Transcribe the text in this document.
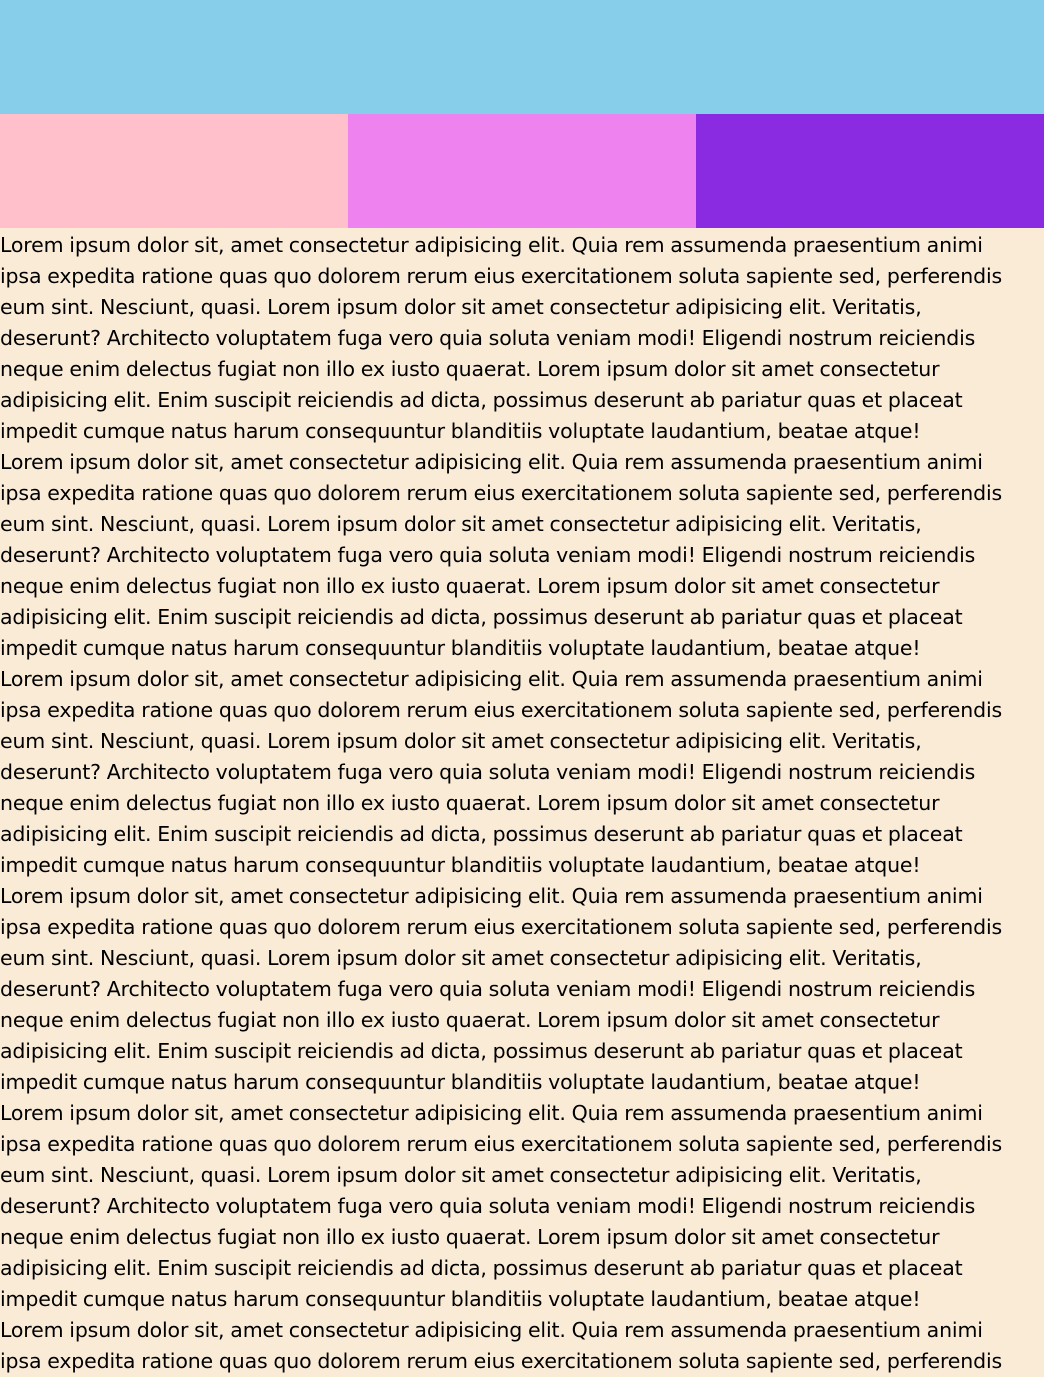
Lorem ipsum dolor sit, amet consectetur adipisicing elit. Quia rem assumenda praesentium animi
ipsa expedita ratione quas quo dolorem rerum eius exercitationem soluta sapiente sed, perferendis
eum sint. Nesciunt, quasi. Lorem ipsum dolor sit amet consectetur adipisicing elit. Veritatis,
deserunt? Architecto voluptatem fuga vero quia soluta veniam modi! Eligendi nostrum reiciendis
neque enim delectus fugiat non illo ex iusto quaerat. Lorem ipsum dolor sit amet consectetur
adipisicing elit. Enim suscipit reiciendis ad dicta, possimus deserunt ab pariatur quas et placeat
impedit cumque natus harum consequuntur blanditiis voluptate laudantium, beatae atque!

Lorem ipsum dolor sit, amet consectetur adipisicing elit. Quia rem assumenda praesentium animi
ipsa expedita ratione quas quo dolorem rerum eius exercitationem soluta sapiente sed, perferendis
eum sint. Nesciunt, quasi. Lorem ipsum dolor sit amet consectetur adipisicing elit. Veritatis,
deserunt? Architecto voluptatem fuga vero quia soluta veniam modi! Eligendi nostrum reiciendis
neque enim delectus fugiat non illo ex iusto quaerat. Lorem ipsum dolor sit amet consectetur
adipisicing elit. Enim suscipit reiciendis ad dicta, possimus deserunt ab pariatur quas et placeat
impedit cumque natus harum consequuntur blanditiis voluptate laudantium, beatae atque!

Lorem ipsum dolor sit, amet consectetur adipisicing elit. Quia rem assumenda praesentium animi
ipsa expedita ratione quas quo dolorem rerum eius exercitationem soluta sapiente sed, perferendis
eum sint. Nesciunt, quasi. Lorem ipsum dolor sit amet consectetur adipisicing elit. Veritatis,
deserunt? Architecto voluptatem fuga vero quia soluta veniam modi! Eligendi nostrum reiciendis
neque enim delectus fugiat non illo ex iusto quaerat. Lorem ipsum dolor sit amet consectetur
adipisicing elit. Enim suscipit reiciendis ad dicta, possimus deserunt ab pariatur quas et placeat
impedit cumque natus harum consequuntur blanditiis voluptate laudantium, beatae atque!

Lorem ipsum dolor sit, amet consectetur adipisicing elit. Quia rem assumenda praesentium animi
ipsa expedita ratione quas quo dolorem rerum eius exercitationem soluta sapiente sed, perferendis
eum sint. Nesciunt, quasi. Lorem ipsum dolor sit amet consectetur adipisicing elit. Veritatis,
deserunt? Architecto voluptatem fuga vero quia soluta veniam modi! Eligendi nostrum reiciendis
neque enim delectus fugiat non illo ex iusto quaerat. Lorem ipsum dolor sit amet consectetur
adipisicing elit. Enim suscipit reiciendis ad dicta, possimus deserunt ab pariatur quas et placeat
impedit cumque natus harum consequuntur blanditiis voluptate laudantium, beatae atque!

Lorem ipsum dolor sit, amet consectetur adipisicing elit. Quia rem assumenda praesentium animi
ipsa expedita ratione quas quo dolorem rerum eius exercitationem soluta sapiente sed, perferendis
eum sint. Nesciunt, quasi. Lorem ipsum dolor sit amet consectetur adipisicing elit. Veritatis,
deserunt? Architecto voluptatem fuga vero quia soluta veniam modi! Eligendi nostrum reiciendis
neque enim delectus fugiat non illo ex iusto quaerat. Lorem ipsum dolor sit amet consectetur
adipisicing elit. Enim suscipit reiciendis ad dicta, possimus deserunt ab pariatur quas et placeat
impedit cumque natus harum consequuntur blanditiis voluptate laudantium, beatae atque!

Lorem ipsum dolor sit, amet consectetur adipisicing elit. Quia rem assumenda praesentium animi
ipsa expedita ratione quas quo dolorem rerum eius exercitationem soluta sapiente sed, perferendis
